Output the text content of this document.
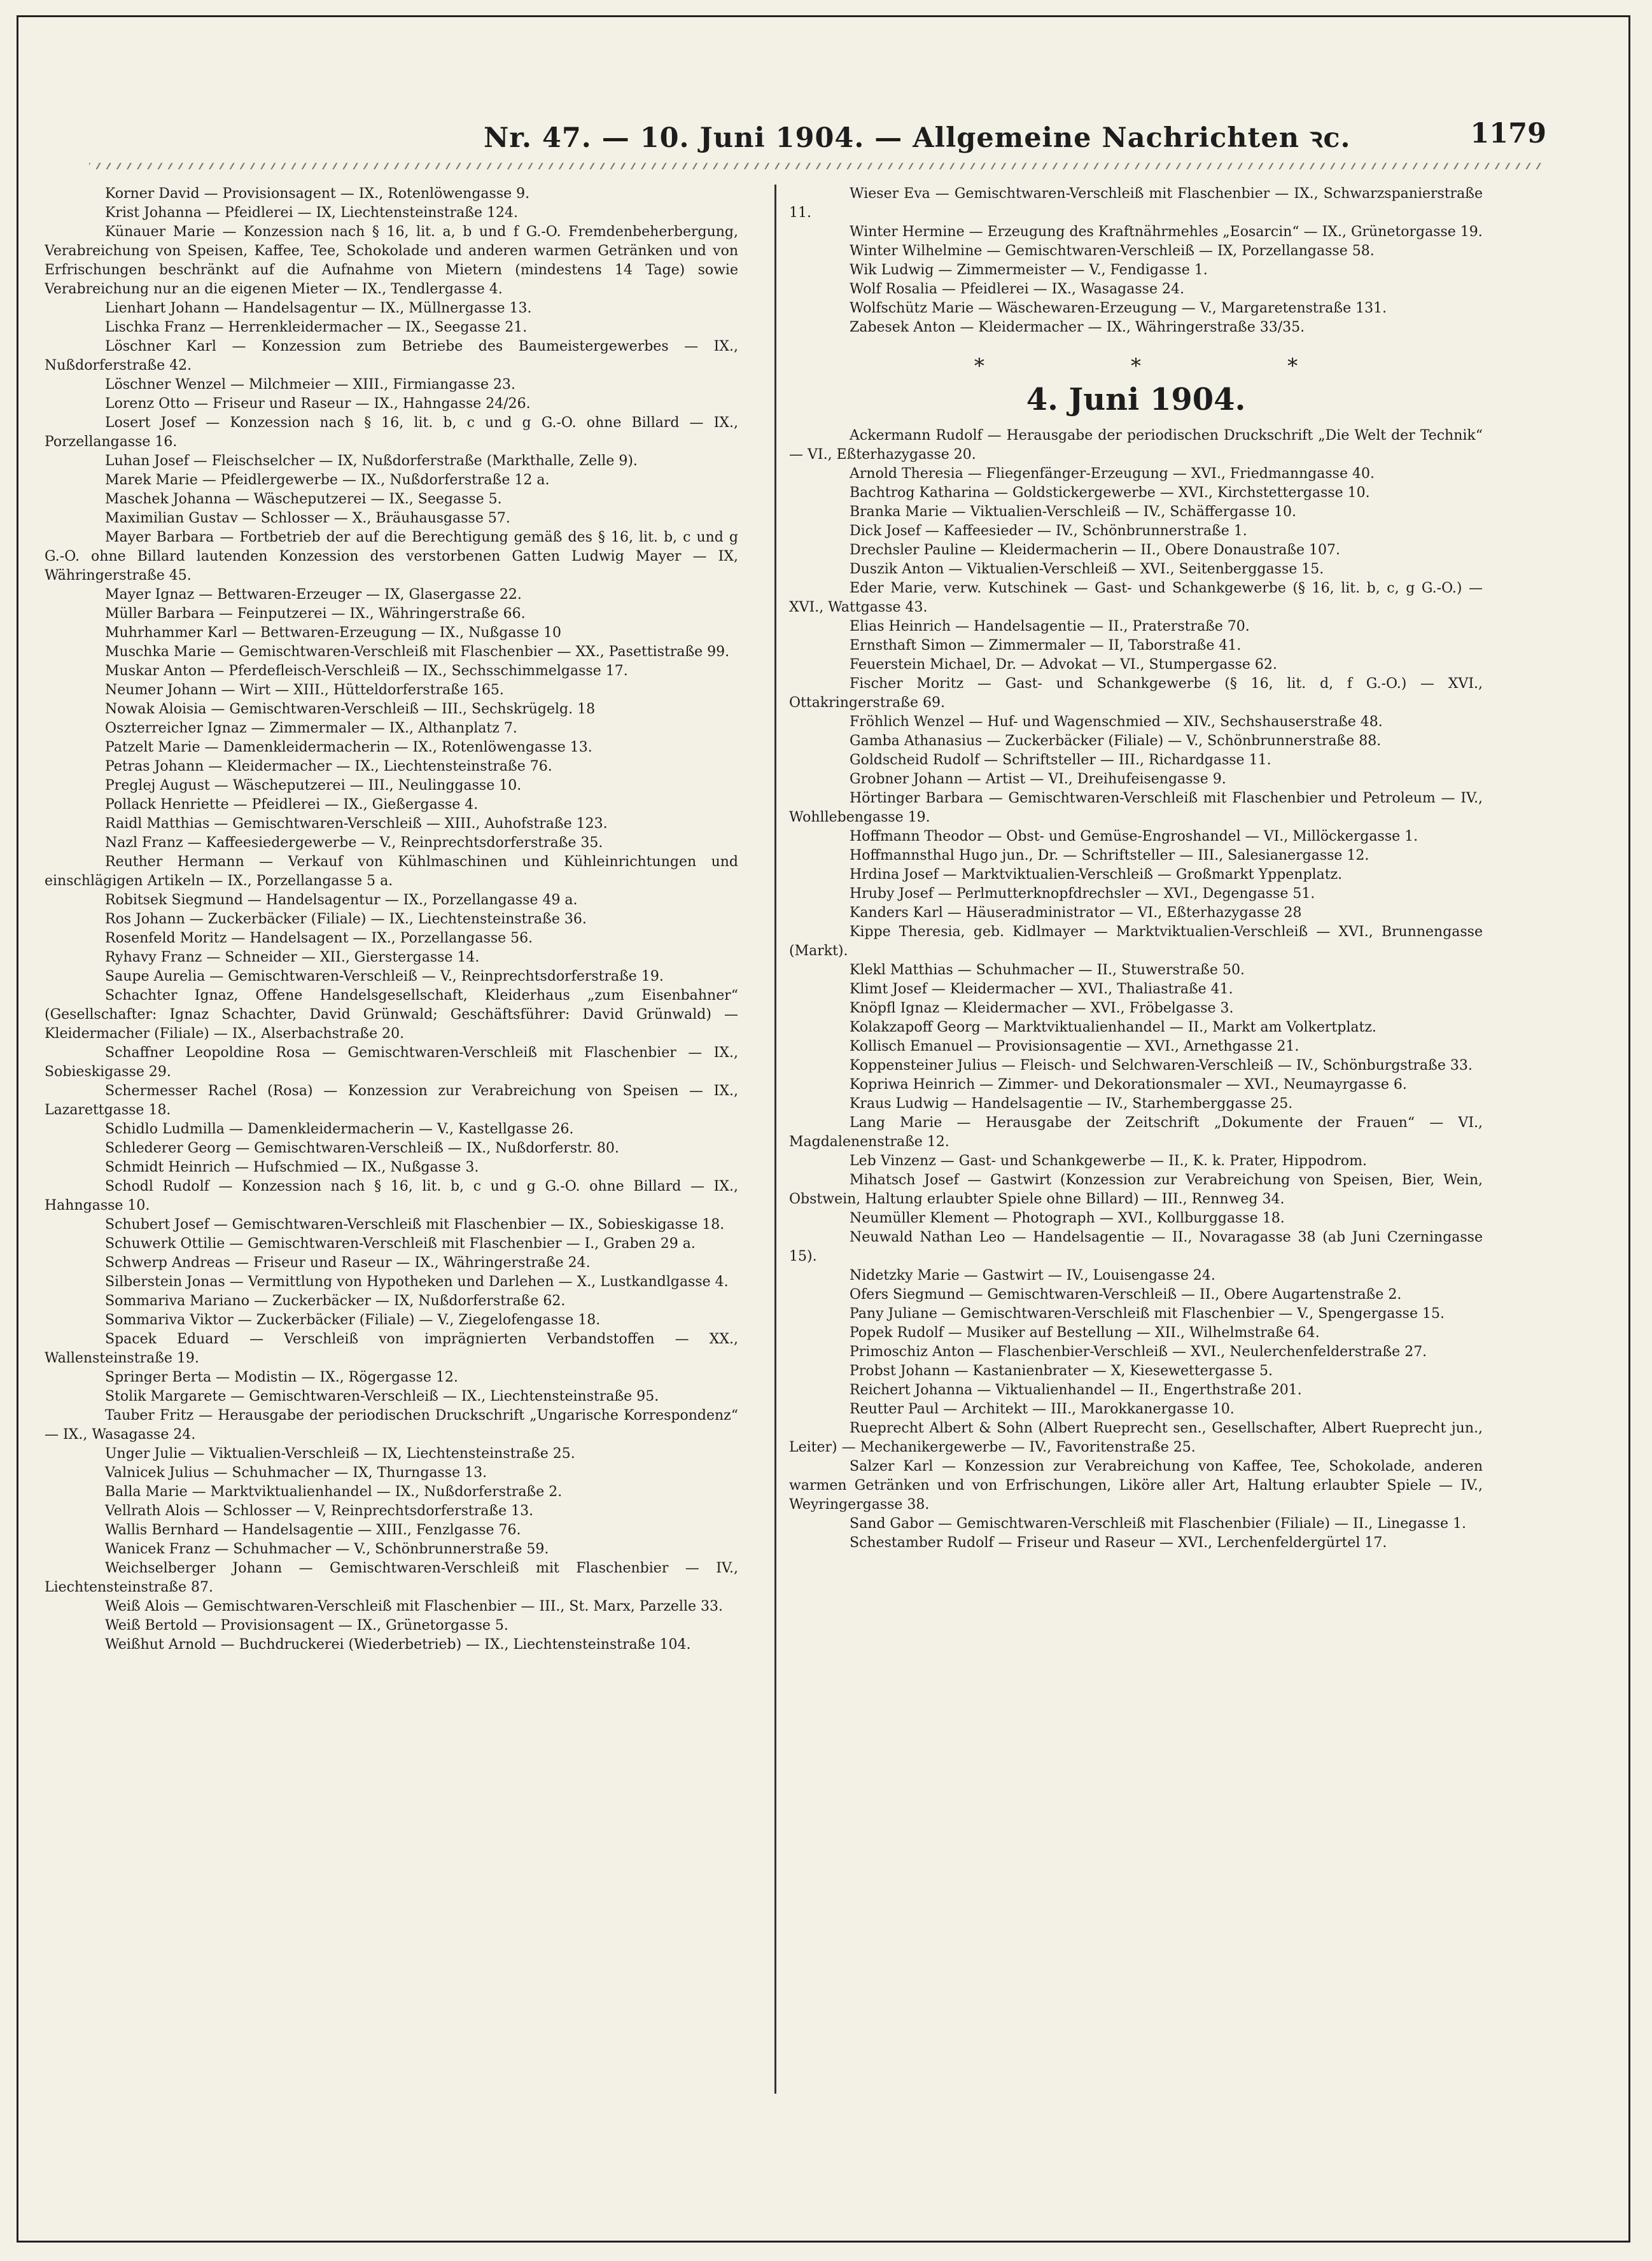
Nr. 47. — 10. Juni 1904. — Allgemeine Nachrichten ꝛc.	1179

Korner David — Provisionsagent — IX., Rotenlöwengasse 9.

Krist Johanna — Pfeidlerei — IX, Liechtensteinstraße 124.

Künauer Marie — Konzession nach § 16, lit. a, b und f G.-O. Fremdenbeherbergung, Verabreichung von Speisen, Kaffee, Tee, Schokolade und anderen warmen Getränken und von Erfrischungen beschränkt auf die Aufnahme von Mietern (mindestens 14 Tage) sowie Verabreichung nur an die eigenen Mieter — IX., Tendlergasse 4.

Lienhart Johann — Handelsagentur — IX., Müllnergasse 13.

Lischka Franz — Herrenkleidermacher — IX., Seegasse 21.

Löschner Karl — Konzession zum Betriebe des Baumeistergewerbes — IX., Nußdorferstraße 42.

Löschner Wenzel — Milchmeier — XIII., Firmiangasse 23.

Lorenz Otto — Friseur und Raseur — IX., Hahngasse 24/26.

Losert Josef — Konzession nach § 16, lit. b, c und g G.-O. ohne Billard — IX., Porzellangasse 16.

Luhan Josef — Fleischselcher — IX, Nußdorferstraße (Markthalle, Zelle 9).

Marek Marie — Pfeidlergewerbe — IX., Nußdorferstraße 12 a.

Maschek Johanna — Wäscheputzerei — IX., Seegasse 5.

Maximilian Gustav — Schlosser — X., Bräuhausgasse 57.

Mayer Barbara — Fortbetrieb der auf die Berechtigung gemäß des § 16, lit. b, c und g G.-O. ohne Billard lautenden Konzession des verstorbenen Gatten Ludwig Mayer — IX, Währingerstraße 45.

Mayer Ignaz — Bettwaren-Erzeuger — IX, Glasergasse 22.

Müller Barbara — Feinputzerei — IX., Währingerstraße 66.

Muhrhammer Karl — Bettwaren-Erzeugung — IX., Nußgasse 10

Muschka Marie — Gemischtwaren-Verschleiß mit Flaschenbier — XX., Pasettistraße 99.

Muskar Anton — Pferdefleisch-Verschleiß — IX., Sechsschimmelgasse 17.

Neumer Johann — Wirt — XIII., Hütteldorferstraße 165.

Nowak Aloisia — Gemischtwaren-Verschleiß — III., Sechskrügelg. 18

Oszterreicher Ignaz — Zimmermaler — IX., Althanplatz 7.

Patzelt Marie — Damenkleidermacherin — IX., Rotenlöwengasse 13.

Petras Johann — Kleidermacher — IX., Liechtensteinstraße 76.

Preglej August — Wäscheputzerei — III., Neulinggasse 10.

Pollack Henriette — Pfeidlerei — IX., Gießergasse 4.

Raidl Matthias — Gemischtwaren-Verschleiß — XIII., Auhofstraße 123.

Nazl Franz — Kaffeesiedergewerbe — V., Reinprechtsdorferstraße 35.

Reuther Hermann — Verkauf von Kühlmaschinen und Kühleinrichtungen und einschlägigen Artikeln — IX., Porzellangasse 5 a.

Robitsek Siegmund — Handelsagentur — IX., Porzellangasse 49 a.

Ros Johann — Zuckerbäcker (Filiale) — IX., Liechtensteinstraße 36.

Rosenfeld Moritz — Handelsagent — IX., Porzellangasse 56.

Ryhavy Franz — Schneider — XII., Gierstergasse 14.

Saupe Aurelia — Gemischtwaren-Verschleiß — V., Reinprechtsdorferstraße 19.

Schachter Ignaz, Offene Handelsgesellschaft, Kleiderhaus „zum Eisenbahner“ (Gesellschafter: Ignaz Schachter, David Grünwald; Geschäftsführer: David Grünwald) — Kleidermacher (Filiale) — IX., Alserbachstraße 20.

Schaffner Leopoldine Rosa — Gemischtwaren-Verschleiß mit Flaschenbier — IX., Sobieskigasse 29.

Schermesser Rachel (Rosa) — Konzession zur Verabreichung von Speisen — IX., Lazarettgasse 18.

Schidlo Ludmilla — Damenkleidermacherin — V., Kastellgasse 26.

Schlederer Georg — Gemischtwaren-Verschleiß — IX., Nußdorferstr. 80.

Schmidt Heinrich — Hufschmied — IX., Nußgasse 3.

Schodl Rudolf — Konzession nach § 16, lit. b, c und g G.-O. ohne Billard — IX., Hahngasse 10.

Schubert Josef — Gemischtwaren-Verschleiß mit Flaschenbier — IX., Sobieskigasse 18.

Schuwerk Ottilie — Gemischtwaren-Verschleiß mit Flaschenbier — I., Graben 29 a.

Schwerp Andreas — Friseur und Raseur — IX., Währingerstraße 24.

Silberstein Jonas — Vermittlung von Hypotheken und Darlehen — X., Lustkandlgasse 4.

Sommariva Mariano — Zuckerbäcker — IX, Nußdorferstraße 62.

Sommariva Viktor — Zuckerbäcker (Filiale) — V., Ziegelofengasse 18.

Spacek Eduard — Verschleiß von imprägnierten Verbandstoffen — XX., Wallensteinstraße 19.

Springer Berta — Modistin — IX., Rögergasse 12.

Stolik Margarete — Gemischtwaren-Verschleiß — IX., Liechtensteinstraße 95.

Tauber Fritz — Herausgabe der periodischen Druckschrift „Ungarische Korrespondenz“ — IX., Wasagasse 24.

Unger Julie — Viktualien-Verschleiß — IX, Liechtensteinstraße 25.

Valnicek Julius — Schuhmacher — IX, Thurngasse 13.

Balla Marie — Marktviktualienhandel — IX., Nußdorferstraße 2.

Vellrath Alois — Schlosser — V, Reinprechtsdorferstraße 13.

Wallis Bernhard — Handelsagentie — XIII., Fenzlgasse 76.

Wanicek Franz — Schuhmacher — V., Schönbrunnerstraße 59.

Weichselberger Johann — Gemischtwaren-Verschleiß mit Flaschenbier — IV., Liechtensteinstraße 87.

Weiß Alois — Gemischtwaren-Verschleiß mit Flaschenbier — III., St. Marx, Parzelle 33.

Weiß Bertold — Provisionsagent — IX., Grünetorgasse 5.

Weißhut Arnold — Buchdruckerei (Wiederbetrieb) — IX., Liechtensteinstraße 104.

Wieser Eva — Gemischtwaren-Verschleiß mit Flaschenbier — IX., Schwarzspanierstraße 11.

Winter Hermine — Erzeugung des Kraftnährmehles „Eosarcin“ — IX., Grünetorgasse 19.

Winter Wilhelmine — Gemischtwaren-Verschleiß — IX, Porzellangasse 58.

Wik Ludwig — Zimmermeister — V., Fendigasse 1.

Wolf Rosalia — Pfeidlerei — IX., Wasagasse 24.

Wolfschütz Marie — Wäschewaren-Erzeugung — V., Margaretenstraße 131.

Zabesek Anton — Kleidermacher — IX., Währingerstraße 33/35.

* * *
4. Juni 1904.

Ackermann Rudolf — Herausgabe der periodischen Druckschrift „Die Welt der Technik“ — VI., Eßterhazygasse 20.

Arnold Theresia — Fliegenfänger-Erzeugung — XVI., Friedmanngasse 40.

Bachtrog Katharina — Goldstickergewerbe — XVI., Kirchstettergasse 10.

Branka Marie — Viktualien-Verschleiß — IV., Schäffergasse 10.

Dick Josef — Kaffeesieder — IV., Schönbrunnerstraße 1.

Drechsler Pauline — Kleidermacherin — II., Obere Donaustraße 107.

Duszik Anton — Viktualien-Verschleiß — XVI., Seitenberggasse 15.

Eder Marie, verw. Kutschinek — Gast- und Schankgewerbe (§ 16, lit. b, c, g G.-O.) — XVI., Wattgasse 43.

Elias Heinrich — Handelsagentie — II., Praterstraße 70.

Ernsthaft Simon — Zimmermaler — II, Taborstraße 41.

Feuerstein Michael, Dr. — Advokat — VI., Stumpergasse 62.

Fischer Moritz — Gast- und Schankgewerbe (§ 16, lit. d, f G.-O.) — XVI., Ottakringerstraße 69.

Fröhlich Wenzel — Huf- und Wagenschmied — XIV., Sechshauserstraße 48.

Gamba Athanasius — Zuckerbäcker (Filiale) — V., Schönbrunnerstraße 88.

Goldscheid Rudolf — Schriftsteller — III., Richardgasse 11.

Grobner Johann — Artist — VI., Dreihufeisengasse 9.

Hörtinger Barbara — Gemischtwaren-Verschleiß mit Flaschenbier und Petroleum — IV., Wohllebengasse 19.

Hoffmann Theodor — Obst- und Gemüse-Engroshandel — VI., Millöckergasse 1.

Hoffmannsthal Hugo jun., Dr. — Schriftsteller — III., Salesianergasse 12.

Hrdina Josef — Marktviktualien-Verschleiß — Großmarkt Yppenplatz.

Hruby Josef — Perlmutterknopfdrechsler — XVI., Degengasse 51.

Kanders Karl — Häuseradministrator — VI., Eßterhazygasse 28

Kippe Theresia, geb. Kidlmayer — Marktviktualien-Verschleiß — XVI., Brunnengasse (Markt).

Klekl Matthias — Schuhmacher — II., Stuwerstraße 50.

Klimt Josef — Kleidermacher — XVI., Thaliastraße 41.

Knöpfl Ignaz — Kleidermacher — XVI., Fröbelgasse 3.

Kolakzapoff Georg — Marktviktualienhandel — II., Markt am Volkertplatz.

Kollisch Emanuel — Provisionsagentie — XVI., Arnethgasse 21.

Koppensteiner Julius — Fleisch- und Selchwaren-Verschleiß — IV., Schönburgstraße 33.

Kopriwa Heinrich — Zimmer- und Dekorationsmaler — XVI., Neumayrgasse 6.

Kraus Ludwig — Handelsagentie — IV., Starhemberggasse 25.

Lang Marie — Herausgabe der Zeitschrift „Dokumente der Frauen“ — VI., Magdalenenstraße 12.

Leb Vinzenz — Gast- und Schankgewerbe — II., K. k. Prater, Hippodrom.

Mihatsch Josef — Gastwirt (Konzession zur Verabreichung von Speisen, Bier, Wein, Obstwein, Haltung erlaubter Spiele ohne Billard) — III., Rennweg 34.

Neumüller Klement — Photograph — XVI., Kollburggasse 18.

Neuwald Nathan Leo — Handelsagentie — II., Novaragasse 38 (ab Juni Czerningasse 15).

Nidetzky Marie — Gastwirt — IV., Louisengasse 24.

Ofers Siegmund — Gemischtwaren-Verschleiß — II., Obere Augartenstraße 2.

Pany Juliane — Gemischtwaren-Verschleiß mit Flaschenbier — V., Spengergasse 15.

Popek Rudolf — Musiker auf Bestellung — XII., Wilhelmstraße 64.

Primoschiz Anton — Flaschenbier-Verschleiß — XVI., Neulerchenfelderstraße 27.

Probst Johann — Kastanienbrater — X, Kiesewettergasse 5.

Reichert Johanna — Viktualienhandel — II., Engerthstraße 201.

Reutter Paul — Architekt — III., Marokkanergasse 10.

Rueprecht Albert & Sohn (Albert Rueprecht sen., Gesellschafter, Albert Rueprecht jun., Leiter) — Mechanikergewerbe — IV., Favoritenstraße 25.

Salzer Karl — Konzession zur Verabreichung von Kaffee, Tee, Schokolade, anderen warmen Getränken und von Erfrischungen, Liköre aller Art, Haltung erlaubter Spiele — IV., Weyringergasse 38.

Sand Gabor — Gemischtwaren-Verschleiß mit Flaschenbier (Filiale) — II., Linegasse 1.

Schestamber Rudolf — Friseur und Raseur — XVI., Lerchenfeldergürtel 17.
